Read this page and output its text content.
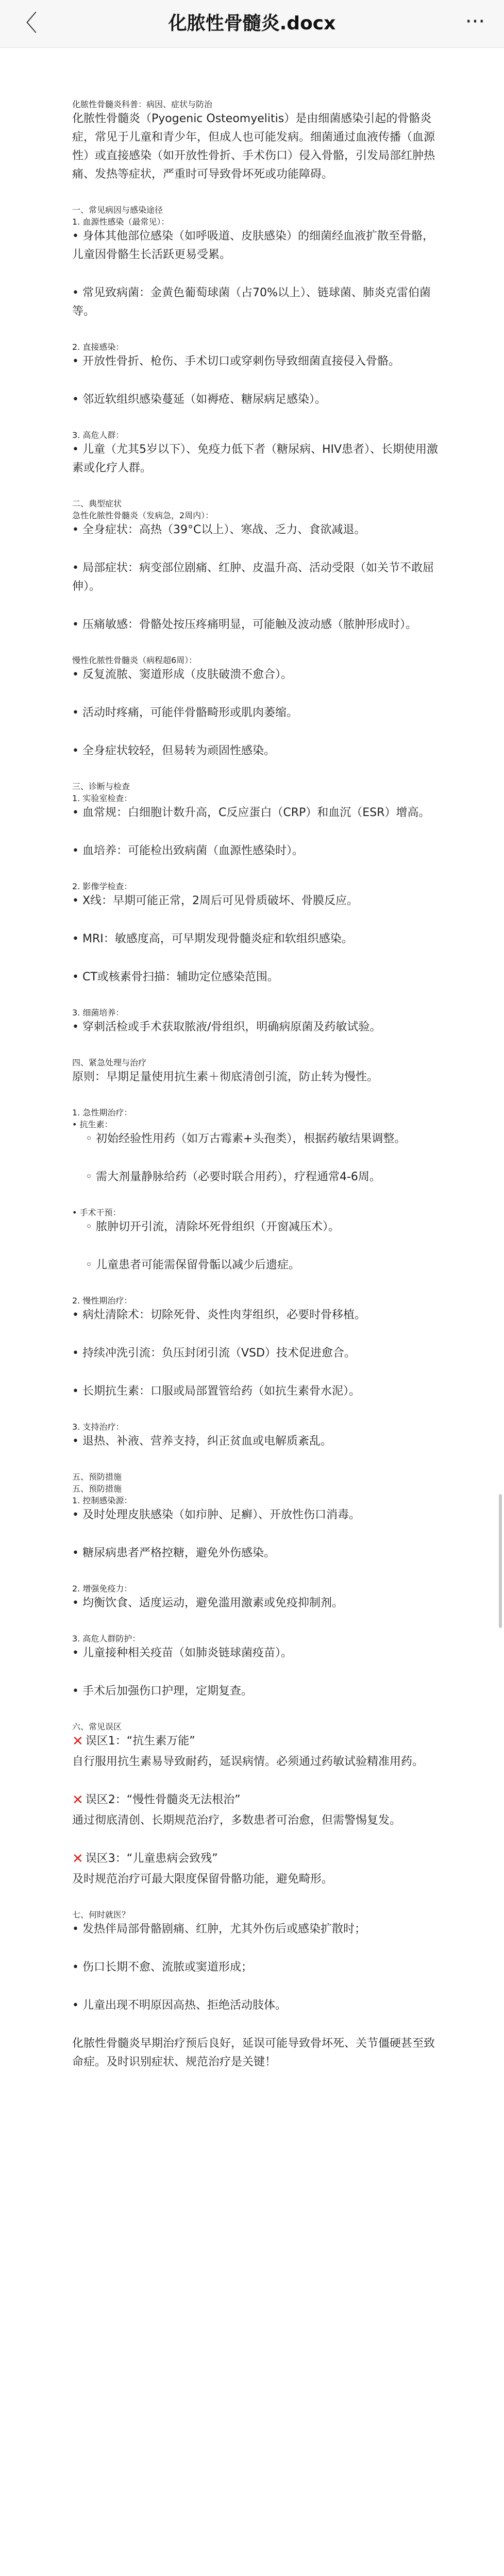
〈	化脓性骨髓炎.docx	···
化脓性骨髓炎科普：病因、症状与防治
化脓性骨髓炎（Pyogenic Osteomyelitis）是由细菌感染引起的骨骼炎症，常见于儿童和青少年，但成人也可能发病。细菌通过血液传播（血源性）或直接感染（如开放性骨折、手术伤口）侵入骨骼，引发局部红肿热痛、发热等症状，严重时可导致骨坏死或功能障碍。
一、常见病因与感染途径
1. 血源性感染（最常见）：
• 身体其他部位感染（如呼吸道、皮肤感染）的细菌经血液扩散至骨骼，儿童因骨骼生长活跃更易受累。
• 常见致病菌：金黄色葡萄球菌（占70%以上）、链球菌、肺炎克雷伯菌等。
2. 直接感染：
• 开放性骨折、枪伤、手术切口或穿刺伤导致细菌直接侵入骨骼。
• 邻近软组织感染蔓延（如褥疮、糖尿病足感染）。
3. 高危人群：
• 儿童（尤其5岁以下）、免疫力低下者（糖尿病、HIV患者）、长期使用激素或化疗人群。
二、典型症状
急性化脓性骨髓炎（发病急，2周内）：
• 全身症状：高热（39°C以上）、寒战、乏力、食欲减退。
• 局部症状：病变部位剧痛、红肿、皮温升高、活动受限（如关节不敢屈伸）。
• 压痛敏感：骨骼处按压疼痛明显，可能触及波动感（脓肿形成时）。
慢性化脓性骨髓炎（病程超6周）：
• 反复流脓、窦道形成（皮肤破溃不愈合）。
• 活动时疼痛，可能伴骨骼畸形或肌肉萎缩。
• 全身症状较轻，但易转为顽固性感染。
三、诊断与检查
1. 实验室检查：
• 血常规：白细胞计数升高，C反应蛋白（CRP）和血沉（ESR）增高。
• 血培养：可能检出致病菌（血源性感染时）。
2. 影像学检查：
• X线：早期可能正常，2周后可见骨质破坏、骨膜反应。
• MRI：敏感度高，可早期发现骨髓炎症和软组织感染。
• CT或核素骨扫描：辅助定位感染范围。
3. 细菌培养：
• 穿刺活检或手术获取脓液/骨组织，明确病原菌及药敏试验。
四、紧急处理与治疗
原则：早期足量使用抗生素＋彻底清创引流，防止转为慢性。
1. 急性期治疗：
• 抗生素：
◦ 初始经验性用药（如万古霉素+头孢类），根据药敏结果调整。
◦ 需大剂量静脉给药（必要时联合用药），疗程通常4-6周。
• 手术干预：
◦ 脓肿切开引流，清除坏死骨组织（开窗减压术）。
◦ 儿童患者可能需保留骨骺以减少后遗症。
2. 慢性期治疗：
• 病灶清除术：切除死骨、炎性肉芽组织，必要时骨移植。
• 持续冲洗引流：负压封闭引流（VSD）技术促进愈合。
• 长期抗生素：口服或局部置管给药（如抗生素骨水泥）。
3. 支持治疗：
• 退热、补液、营养支持，纠正贫血或电解质紊乱。
五、预防措施
五、预防措施
1. 控制感染源：
• 及时处理皮肤感染（如疖肿、足癣）、开放性伤口消毒。
• 糖尿病患者严格控糖，避免外伤感染。
2. 增强免疫力：
• 均衡饮食、适度运动，避免滥用激素或免疫抑制剂。
3. 高危人群防护：
• 儿童接种相关疫苗（如肺炎链球菌疫苗）。
• 手术后加强伤口护理，定期复查。
六、常见误区
✕ 误区1：“抗生素万能”
自行服用抗生素易导致耐药，延误病情。必须通过药敏试验精准用药。
✕ 误区2：“慢性骨髓炎无法根治”
通过彻底清创、长期规范治疗，多数患者可治愈，但需警惕复发。
✕ 误区3：“儿童患病会致残”
及时规范治疗可最大限度保留骨骼功能，避免畸形。
七、何时就医？
• 发热伴局部骨骼剧痛、红肿，尤其外伤后或感染扩散时；
• 伤口长期不愈、流脓或窦道形成；
• 儿童出现不明原因高热、拒绝活动肢体。
化脓性骨髓炎早期治疗预后良好，延误可能导致骨坏死、关节僵硬甚至致命症。及时识别症状、规范治疗是关键！
